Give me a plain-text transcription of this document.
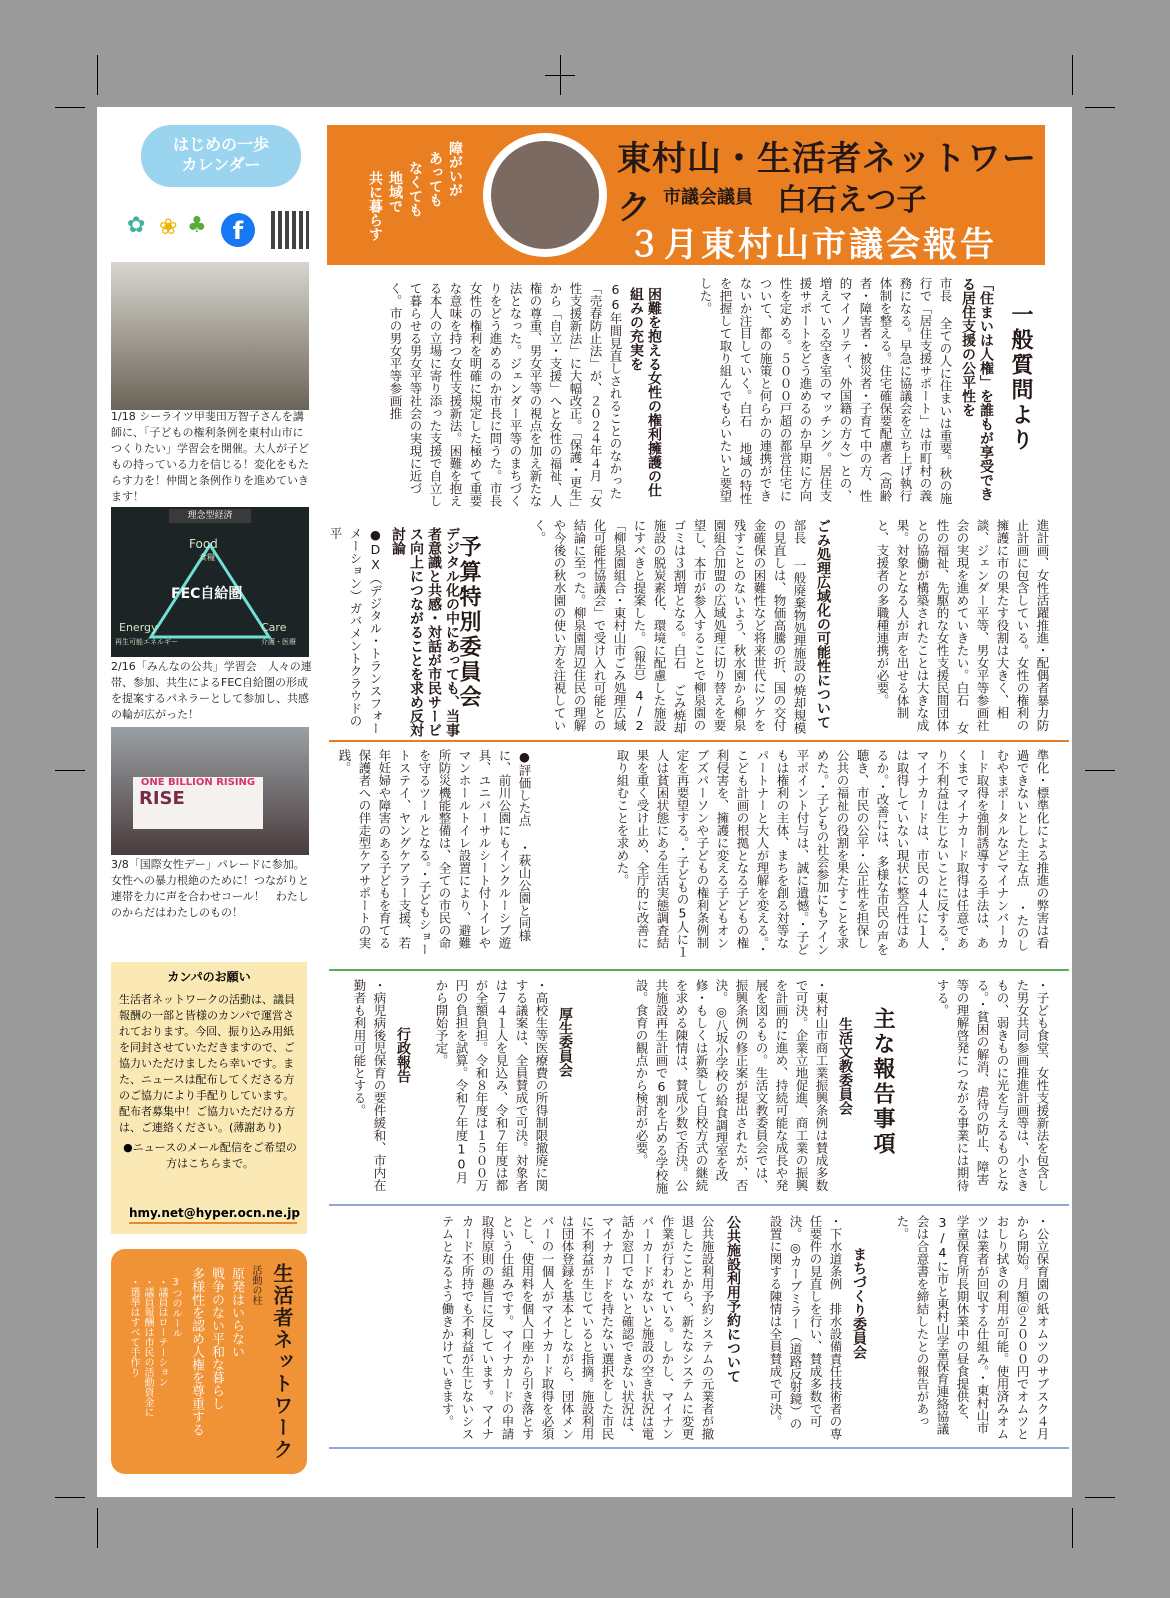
はじめの一歩
カレンダー
✿ ❀ ♣	f
1/18 シーライツ甲斐田万智子さんを講師に、「子どもの権利条例を東村山市につくりたい」学習会を開催。大人が子どもの持っている力を信じる！変化をもたらす力を！仲間と条例作りを進めていきます！
理念型経済
Food
食糧
FEC自給圏
Energy
再生可能エネルギー
Care
介護・医療
2/16「みんなの公共」学習会　人々の連帯、参加、共生によるFEC自給圏の形成を提案するパネラーとして参加し、共感の輪が広がった！
ONE BILLION RISING
RISE
3/8「国際女性デー」パレードに参加。女性への暴力根絶のために！つながりと連帯を力に声を合わせコール！　わたしのからだはわたしのもの！
カンパのお願い
生活者ネットワークの活動は、議員報酬の一部と皆様のカンパで運営されております。今回、振り込み用紙を同封させていただきますので、ご協力いただけましたら幸いです。また、ニュースは配布してくださる方のご協力により手配りしています。配布者募集中！ご協力いただける方は、ご連絡ください。(薄謝あり)
●ニュースのメール配信をご希望の方はこちらまで。
hmy.net@hyper.ocn.ne.jp
生活者ネットワーク
活動の柱
原発はいらない
戦争のない平和な暮らし
多様性を認め人権を尊重する
3つのルール
・議員はローテーション
・議員報酬は市民の活動資金に
・選挙はすべて手作り
障がいが
あっても
なくても
地域で
共に暮らす
東村山・生活者ネットワーク 市議会議員 白石えつ子
３月東村山市議会報告
一般質問より
「住まいは人権」を誰もが享受できる居住支援の公平性を
市長 全ての人に住まいは重要。秋の施行で「居住支援サポート」は市町村の義務になる。早急に協議会を立ち上げ執行体制を整える。住宅確保要配慮者（高齢者・障害者・被災者・子育て中の方、性的マイノリティ、外国籍の方々）との、増えている空き室のマッチング。居住支援サポートをどう進めるのか早期に方向性を定める。５０００戸超の都営住宅について、都の施策と何らかの連携ができないか注目していく。白石 地域の特性を把握して取り組んでもらいたいと要望した。
困難を抱える女性の権利擁護の仕組みの充実を
66年間見直しされることのなかった「売春防止法」が、２０２４年４月「女性支援新法」に大幅改正。「保護・更生」から「自立・支援」へと女性の福祉、人権の尊重、男女平等の視点を加え新たな法となった。ジェンダー平等のまちづくりをどう進めるのか市長に問うた。市長 女性の権利を明確に規定した極めて重要な意味を持つ女性支援新法。困難を抱える本人の立場に寄り添った支援で自立して暮らせる男女平等社会の実現に近づく。市の男女平等参画推
進計画、女性活躍推進・配偶者暴力防止計画に包含している。女性の権利の擁護に市の果たす役割は大きく、相談、ジェンダー平等、男女平等参画社会の実現を進めていきたい。白石 女性の福祉、先駆的な女性支援民間団体との協働が構築されたことは大きな成果。対象となる人が声を出せる体制と、支援者の多職種連携が必要。
ごみ処理広域化の可能性について
部長 一般廃棄物処理施設の焼却規模の見直しは、物価高騰の折、国の交付金確保の困難性など将来世代にツケを残すことのないよう、秋水園から柳泉園組合加盟の広域処理に切り替えを要望し、本市が参入することで柳泉園のゴミは３割増となる。白石 ごみ焼却施設の脱炭素化、環境に配慮した施設にすべきと提案した。（報告）4/2「柳泉園組合・東村山市ごみ処理広域化可能性協議会」で受け入れ可能との結論に至った。柳泉園周辺住民の理解や今後の秋水園の使い方を注視していく。
予算特別委員会
デジタル化の中にあっても、当事者意識と共感・対話が市民サービス向上につながることを求め反対討論
●DX（デジタル・トランスフォーメーション）ガバメントクラウドの平
準化・標準化による推進の弊害は看過できないとした主な点 ・たのしむやまポータルなどマイナンバーカード取得を強制誘導する手法は、あくまでマイナカード取得は任意であり不利益は生じないことに反する。・マイナカードは、市民の４人に１人は取得していない現状に整合性はあるか。・改善には、多様な市民の声を聴き、市民の公平・公正性を担保し公共の福祉の役割を果たすことを求めた。・子どもの社会参加にもアイン平ポイント付与は、誠に遺憾。・子どもは権利の主体、まちを創る対等なパートナーと大人が理解を変える。・こども計画の根拠となる子どもの権利侵害を、擁護に変える子どもオンブズパーソンや子どもの権利条例制定を再要望する。・子どもの5人に１人は貧困状態にある生活実態調査結果を重く受け止め、全庁的に改善に取り組むことを求めた。
●評価した点 ・萩山公園と同様に、前川公園にもインクルーシブ遊具、ユニバーサルシート付トイレやマンホールトイレ設置により、避難所防災機能整備は、全ての市民の命を守るツールとなる。・子どもショートステイ、ヤングケアラー支援、若年妊婦や障害のある子どもを育てる保護者への伴走型ケアサポートの実践。
・子ども食堂、女性支援新法を包含した男女共同参画推進計画等は、小さきもの、弱きものに光を与えるものとなる。・貧困の解消、虐待の防止、障害等の理解啓発につながる事業には期待する。
主な報告事項
生活文教委員会
・東村山市商工業振興条例は賛成多数で可決。企業立地促進、商工業の振興を計画的に進め、持続可能な成長や発展を図るもの。生活文教委員会では、振興条例の修正案が提出されたが、否決。◎八坂小学校の給食調理室を改修・もしくは新築して自校方式の継続を求める陳情は、賛成少数で否決。公共施設再生計画で6割を占める学校施設。食育の観点から検討が必要。
厚生委員会
・高校生等医療費の所得制限撤廃に関する議案は、全員賛成で可決。対象者は７４１人を見込み、令和７年度は都が全額負担。令和８年度は１５００万円の負担を試算。令和７年度10月から開始予定。
行政報告
・病児病後児保育の要件緩和、市内在勤者も利用可能とする。
・公立保育園の紙オムツのサブスク４月から開始。月額＠２０００円でオムツとおしり拭きの利用が可能。使用済みオムツは業者が回収する仕組み。・東村山市学童保育所長期休業中の昼食提供を、3/4に市と東村山学童保育連絡協議会は合意書を締結したとの報告があった。
まちづくり委員会
・下水道条例　排水設備責任技術者の専任要件の見直しを行い、賛成多数で可決。◎カーブミラー（道路反射鏡）の設置に関する陳情は全員賛成で可決。
公共施設利用予約について
公共施設利用予約システムの元業者が撤退したことから、新たなシステムに変更作業が行われている。しかし、マイナンバーカードがないと施設の空き状況は電話か窓口でないと確認できない状況は、マイナカードを持たない選択をした市民に不利益が生じていると指摘。施設利用は団体登録を基本としながら、団体メンバーの一個人がマイナカード取得を必須とし、使用料を個人口座から引き落とすという仕組みです。マイナカードの申請取得原則の趣旨に反しています。マイナカード不所持でも不利益が生じないシステムとなるよう働きかけていきます。
